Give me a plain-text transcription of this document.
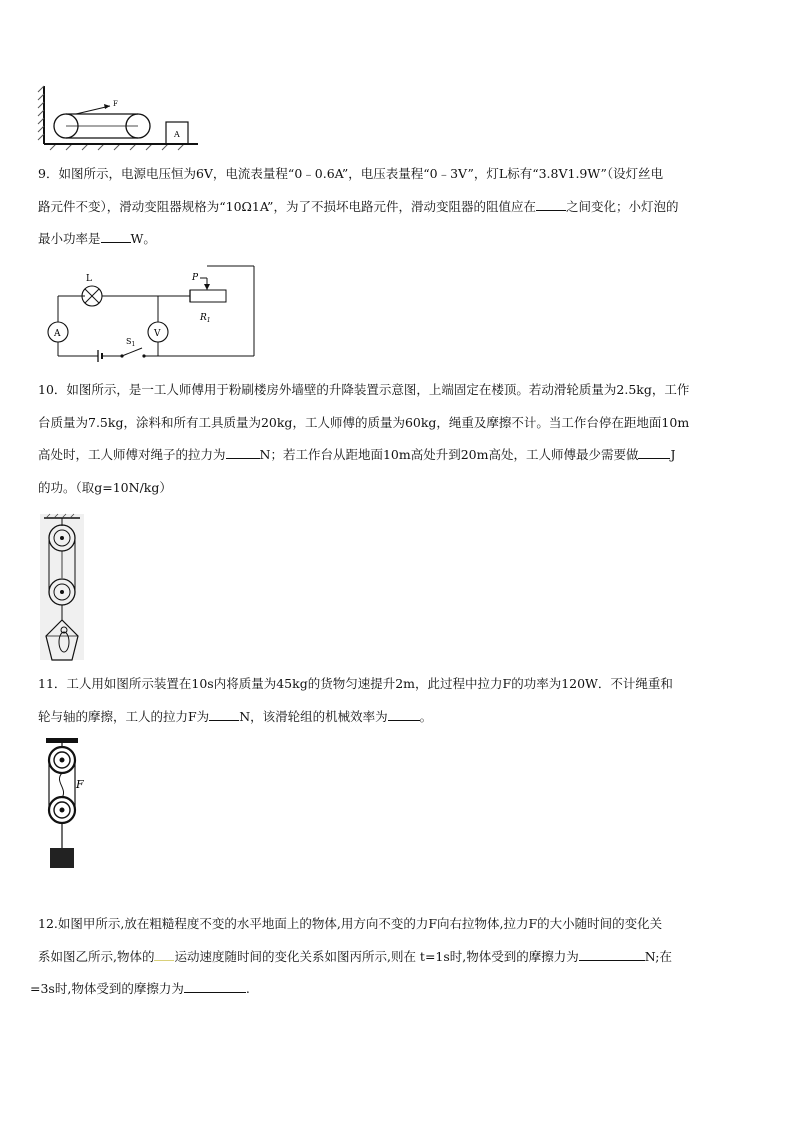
F
A
9．如图所示，电源电压恒为6V，电流表量程“0﹣0.6A”，电压表量程“0﹣3V”，灯L标有“3.8V1.9W”（设灯丝电
路元件不变），滑动变阻器规格为“10Ω1A”，为了不损坏电路元件，滑动变阻器的阻值应在 之间变化；小灯泡的
最小功率是 W。
L	P
$R_1$
A
$S_1$
V
10．如图所示，是一工人师傅用于粉刷楼房外墙壁的升降装置示意图，上端固定在楼顶。若动滑轮质量为2.5kg，工作
台质量为7.5kg，涂料和所有工具质量为20kg，工人师傅的质量为60kg，绳重及摩擦不计。当工作台停在距地面10m
高处时，工人师傅对绳子的拉力为	N；若工作台从距地面10m高处升到20m高处，工人师傅最少需要做	J
的功。（取g=10N/kg）
11．工人用如图所示装置在10s内将质量为45kg的货物匀速提升2m，此过程中拉力F的功率为120W．不计绳重和
轮与轴的摩擦，工人的拉力F为 N，该滑轮组的机械效率为	。
F
12.如图甲所示,放在粗糙程度不变的水平地面上的物体,用方向不变的力F向右拉物体,拉力F的大小随时间的变化关
系如图乙所示,物体的 运动速度随时间的变化关系如图丙所示,则在 t=1s时,物体受到的摩擦力为	N;在
=3s时,物体受到的摩擦力为	.
